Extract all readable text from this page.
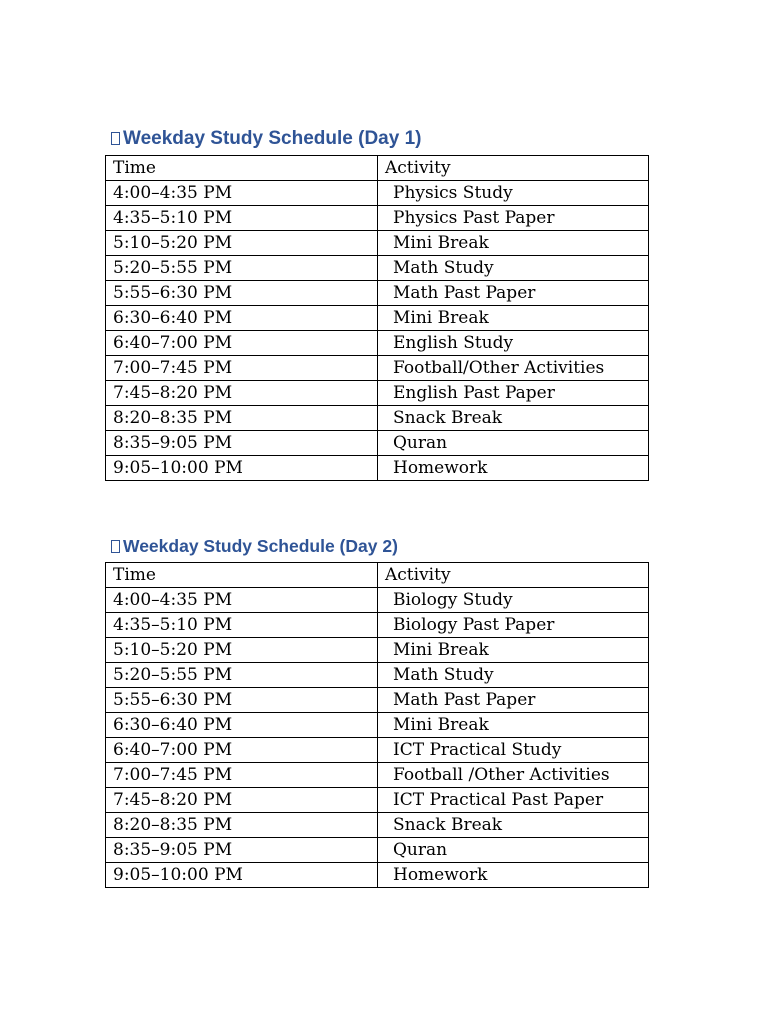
Weekday Study Schedule (Day 1)
Time	Activity
4:00–4:35 PM	Physics Study
4:35–5:10 PM	Physics Past Paper
5:10–5:20 PM	Mini Break
5:20–5:55 PM	Math Study
5:55–6:30 PM	Math Past Paper
6:30–6:40 PM	Mini Break
6:40–7:00 PM	English Study
7:00–7:45 PM	Football/Other Activities
7:45–8:20 PM	English Past Paper
8:20–8:35 PM	Snack Break
8:35–9:05 PM	Quran
9:05–10:00 PM	Homework
Weekday Study Schedule (Day 2)
Time	Activity
4:00–4:35 PM	Biology Study
4:35–5:10 PM	Biology Past Paper
5:10–5:20 PM	Mini Break
5:20–5:55 PM	Math Study
5:55–6:30 PM	Math Past Paper
6:30–6:40 PM	Mini Break
6:40–7:00 PM	ICT Practical Study
7:00–7:45 PM	Football /Other Activities
7:45–8:20 PM	ICT Practical Past Paper
8:20–8:35 PM	Snack Break
8:35–9:05 PM	Quran
9:05–10:00 PM	Homework
